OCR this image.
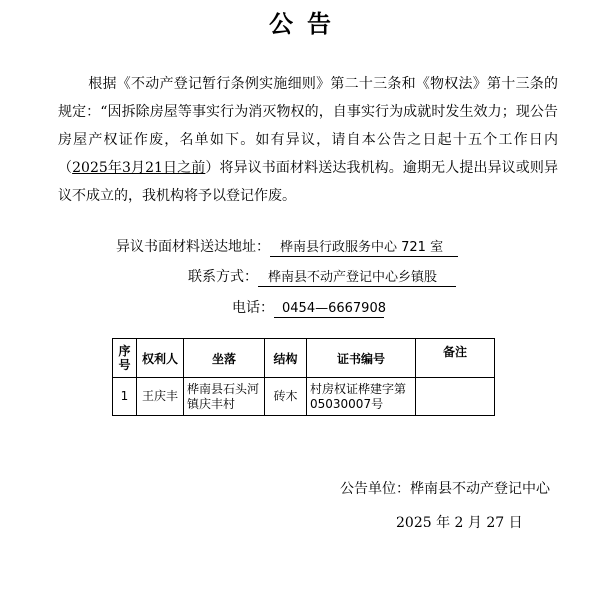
公告
根据《不动产登记暂行条例实施细则》第二十三条和《物权法》第十三条的规定：“因拆除房屋等事实行为消灭物权的，自事实行为成就时发生效力；现公告房屋产权证作废，名单如下。如有异议，请自本公告之日起十五个工作日内（2025年3月21日之前）将异议书面材料送达我机构。逾期无人提出异议或则异议不成立的，我机构将予以登记作废。
异议书面材料送达地址： 桦南县行政服务中心 721 室
联系方式： 桦南县不动产登记中心乡镇股
电话： 0454—6667908
序号	权利人	坐落	结构	证书编号	备注
1	王庆丰	桦南县石头河镇庆丰村	砖木	村房权证桦建字第05030007号	
公告单位：桦南县不动产登记中心
2025 年 2 月 27 日
